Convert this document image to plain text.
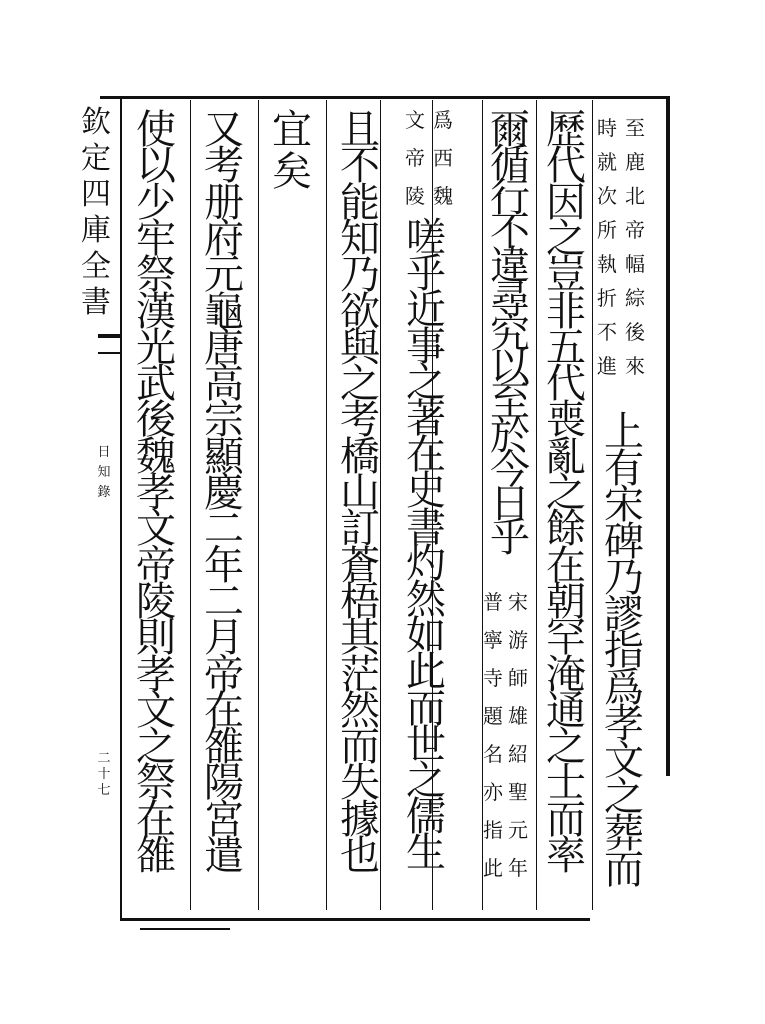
欽
定
四
庫
全
書
日
知
錄
二
十
七
至
鹿
北
帝
幅
綜
後
來
時
就
次
所
執
折
不
進
上
有
宋
碑
乃
謬
指
爲
孝
文
之
葬
而
歷
代
因
之
豈
非
五
代
喪
亂
之
餘
在
朝
罕
淹
通
之
士
而
率
爾
循
行
不
違
尋
究
以
至
於
今
日
乎
宋
游
師
雄
紹
聖
元
年
普
寧
寺
題
名
亦
指
此
爲
西
魏
文
帝
陵
嗟
乎
近
事
之
著
在
史
書
灼
然
如
此
而
世
之
儒
生
且
不
能
知
乃
欲
與
之
考
橋
山
訂
蒼
梧
其
茫
然
而
失
據
也
宜
矣
又
考
册
府
元
龜
唐
高
宗
顯
慶
二
年
二
月
帝
在
雒
陽
宮
遣
使
以
少
牢
祭
漢
光
武
後
魏
孝
文
帝
陵
則
孝
文
之
祭
在
雒
